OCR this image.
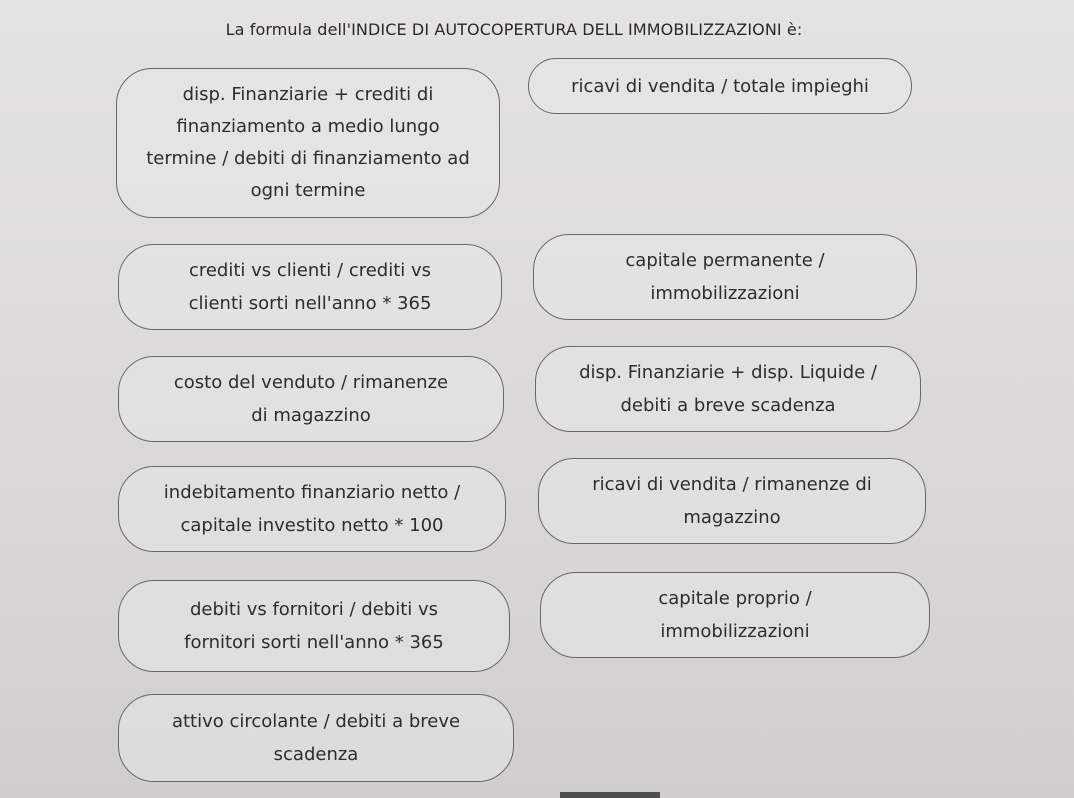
La formula dell'INDICE DI AUTOCOPERTURA DELL IMMOBILIZZAZIONI è:
disp. Finanziarie + crediti di finanziamento a medio lungo termine / debiti di finanziamento ad ogni termine
ricavi di vendita / totale impieghi
crediti vs clienti / crediti vs clienti sorti nell'anno * 365
capitale permanente / immobilizzazioni
costo del venduto / rimanenze di magazzino
disp. Finanziarie + disp. Liquide / debiti a breve scadenza
indebitamento finanziario netto / capitale investito netto * 100
ricavi di vendita / rimanenze di magazzino
debiti vs fornitori / debiti vs fornitori sorti nell'anno * 365
capitale proprio / immobilizzazioni
attivo circolante / debiti a breve scadenza
